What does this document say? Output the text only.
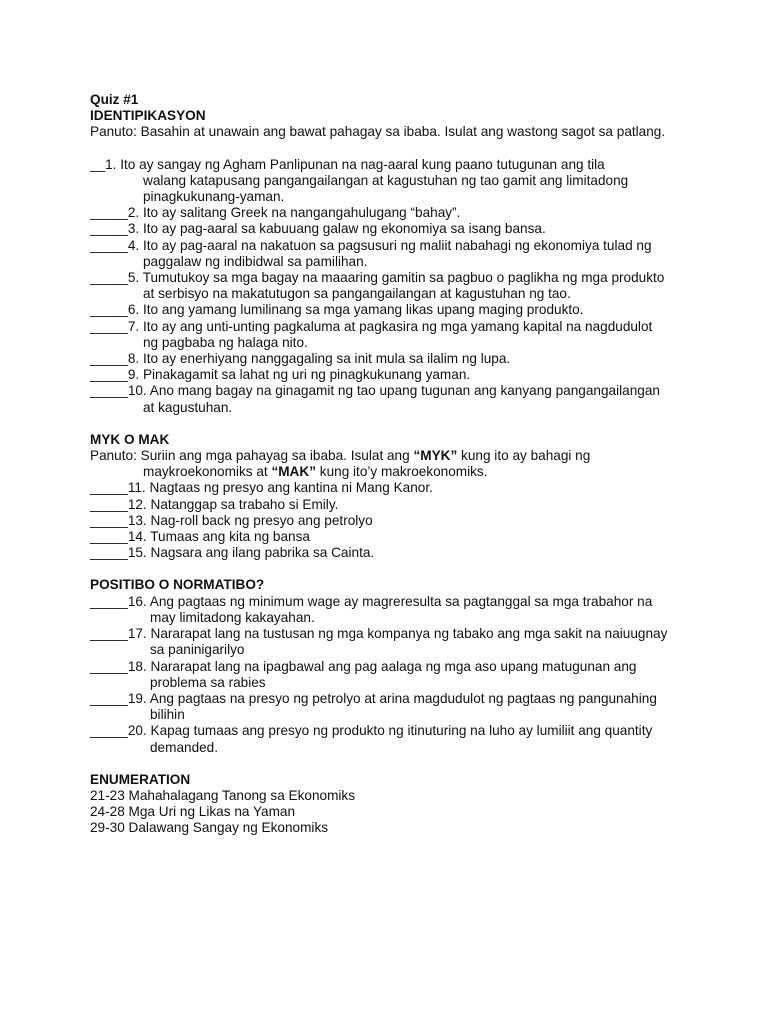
Quiz #1
IDENTIPIKASYON
Panuto: Basahin at unawain ang bawat pahagay sa ibaba. Isulat ang wastong sagot sa patlang.
__1. Ito ay sangay ng Agham Panlipunan na nag-aaral kung paano tutugunan ang tila
walang katapusang pangangailangan at kagustuhan ng tao gamit ang limitadong
pinagkukunang-yaman.
_____2. Ito ay salitang Greek na nangangahulugang “bahay”.
_____3. Ito ay pag-aaral sa kabuuang galaw ng ekonomiya sa isang bansa.
_____4. Ito ay pag-aaral na nakatuon sa pagsusuri ng maliit nabahagi ng ekonomiya tulad ng
paggalaw ng indibidwal sa pamilihan.
_____5. Tumutukoy sa mga bagay na maaaring gamitin sa pagbuo o paglikha ng mga produkto
at serbisyo na makatutugon sa pangangailangan at kagustuhan ng tao.
_____6. Ito ang yamang lumilinang sa mga yamang likas upang maging produkto.
_____7. Ito ay ang unti-unting pagkaluma at pagkasira ng mga yamang kapital na nagdudulot
ng pagbaba ng halaga nito.
_____8. Ito ay enerhiyang nanggagaling sa init mula sa ilalim ng lupa.
_____9. Pinakagamit sa lahat ng uri ng pinagkukunang yaman.
_____10. Ano mang bagay na ginagamit ng tao upang tugunan ang kanyang pangangailangan
at kagustuhan.
MYK O MAK
Panuto: Suriin ang mga pahayag sa ibaba. Isulat ang “MYK” kung ito ay bahagi ng
maykroekonomiks at “MAK” kung ito’y makroekonomiks.
_____11. Nagtaas ng presyo ang kantina ni Mang Kanor.
_____12. Natanggap sa trabaho si Emily.
_____13. Nag-roll back ng presyo ang petrolyo
_____14. Tumaas ang kita ng bansa
_____15. Nagsara ang ilang pabrika sa Cainta.
POSITIBO O NORMATIBO?
_____16. Ang pagtaas ng minimum wage ay magreresulta sa pagtanggal sa mga trabahor na
may limitadong kakayahan.
_____17. Nararapat lang na tustusan ng mga kompanya ng tabako ang mga sakit na naiuugnay
sa paninigarilyo
_____18. Nararapat lang na ipagbawal ang pag aalaga ng mga aso upang matugunan ang
problema sa rabies
_____19. Ang pagtaas na presyo ng petrolyo at arina magdudulot ng pagtaas ng pangunahing
bilihin
_____20. Kapag tumaas ang presyo ng produkto ng itinuturing na luho ay lumiliit ang quantity
demanded.
ENUMERATION
21-23 Mahahalagang Tanong sa Ekonomiks
24-28 Mga Uri ng Likas na Yaman
29-30 Dalawang Sangay ng Ekonomiks
